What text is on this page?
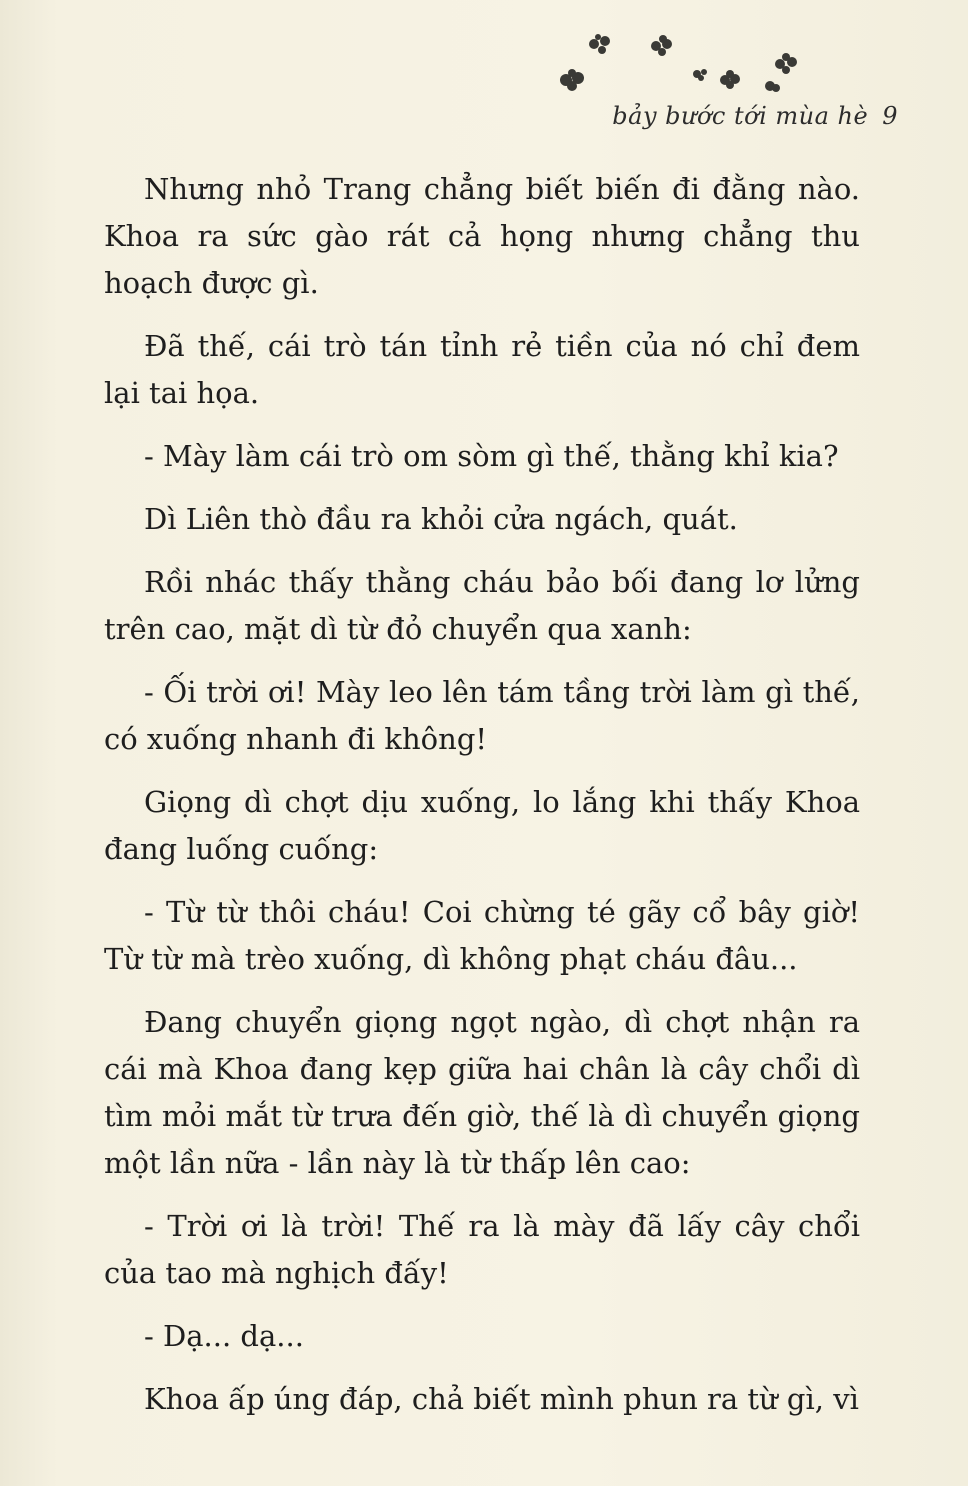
bảy bước tới mùa hè 9

Nhưng nhỏ Trang chẳng biết biến đi đằng nào. Khoa ra sức gào rát cả họng nhưng chẳng thu hoạch được gì.

Đã thế, cái trò tán tỉnh rẻ tiền của nó chỉ đem lại tai họa.

- Mày làm cái trò om sòm gì thế, thằng khỉ kia?

Dì Liên thò đầu ra khỏi cửa ngách, quát.

Rồi nhác thấy thằng cháu bảo bối đang lơ lửng trên cao, mặt dì từ đỏ chuyển qua xanh:

- Ối trời ơi! Mày leo lên tám tầng trời làm gì thế, có xuống nhanh đi không!

Giọng dì chợt dịu xuống, lo lắng khi thấy Khoa đang luống cuống:

- Từ từ thôi cháu! Coi chừng té gãy cổ bây giờ! Từ từ mà trèo xuống, dì không phạt cháu đâu...

Đang chuyển giọng ngọt ngào, dì chợt nhận ra cái mà Khoa đang kẹp giữa hai chân là cây chổi dì tìm mỏi mắt từ trưa đến giờ, thế là dì chuyển giọng một lần nữa - lần này là từ thấp lên cao:

- Trời ơi là trời! Thế ra là mày đã lấy cây chổi của tao mà nghịch đấy!

- Dạ... dạ...

Khoa ấp úng đáp, chả biết mình phun ra từ gì, vì
